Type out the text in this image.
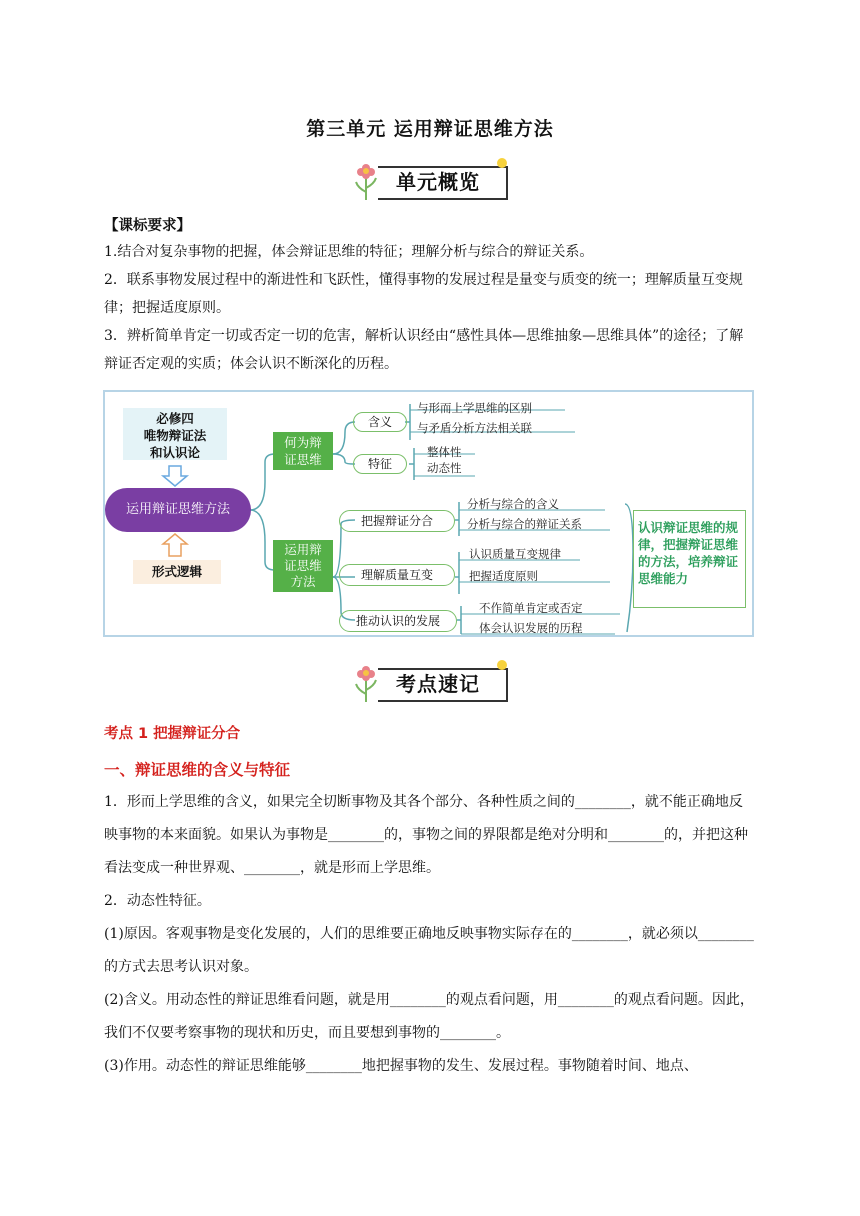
第三单元 运用辩证思维方法
单元概览
【课标要求】

1.结合对复杂事物的把握，体会辩证思维的特征；理解分析与综合的辩证关系。

2．联系事物发展过程中的渐进性和飞跃性，懂得事物的发展过程是量变与质变的统一；理解质量互变规律；把握适度原则。

3．辨析简单肯定一切或否定一切的危害，解析认识经由“感性具体—思维抽象—思维具体”的途径；了解辩证否定观的实质；体会认识不断深化的历程。

必修四
唯物辩证法
和认识论
运用辩证思维方法
形式逻辑
何为辩
证思维
运用辩
证思维
方法
含义
特征
与形而上学思维的区别
与矛盾分析方法相关联
整体性
动态性
把握辩证分合
理解质量互变
推动认识的发展
分析与综合的含义
分析与综合的辩证关系
认识质量互变规律
把握适度原则
不作简单肯定或否定
体会认识发展的历程
认识辩证思维的规律，把握辩证思维的方法，培养辩证思维能力
考点速记
考点 1 把握辩证分合
一、辩证思维的含义与特征

1．形而上学思维的含义，如果完全切断事物及其各个部分、各种性质之间的________，就不能正确地反映事物的本来面貌。如果认为事物是________的，事物之间的界限都是绝对分明和________的，并把这种看法变成一种世界观、________，就是形而上学思维。

2．动态性特征。

(1)原因。客观事物是变化发展的，人们的思维要正确地反映事物实际存在的________，就必须以________的方式去思考认识对象。

(2)含义。用动态性的辩证思维看问题，就是用________的观点看问题，用________的观点看问题。因此，我们不仅要考察事物的现状和历史，而且要想到事物的________。

(3)作用。动态性的辩证思维能够________地把握事物的发生、发展过程。事物随着时间、地点、
